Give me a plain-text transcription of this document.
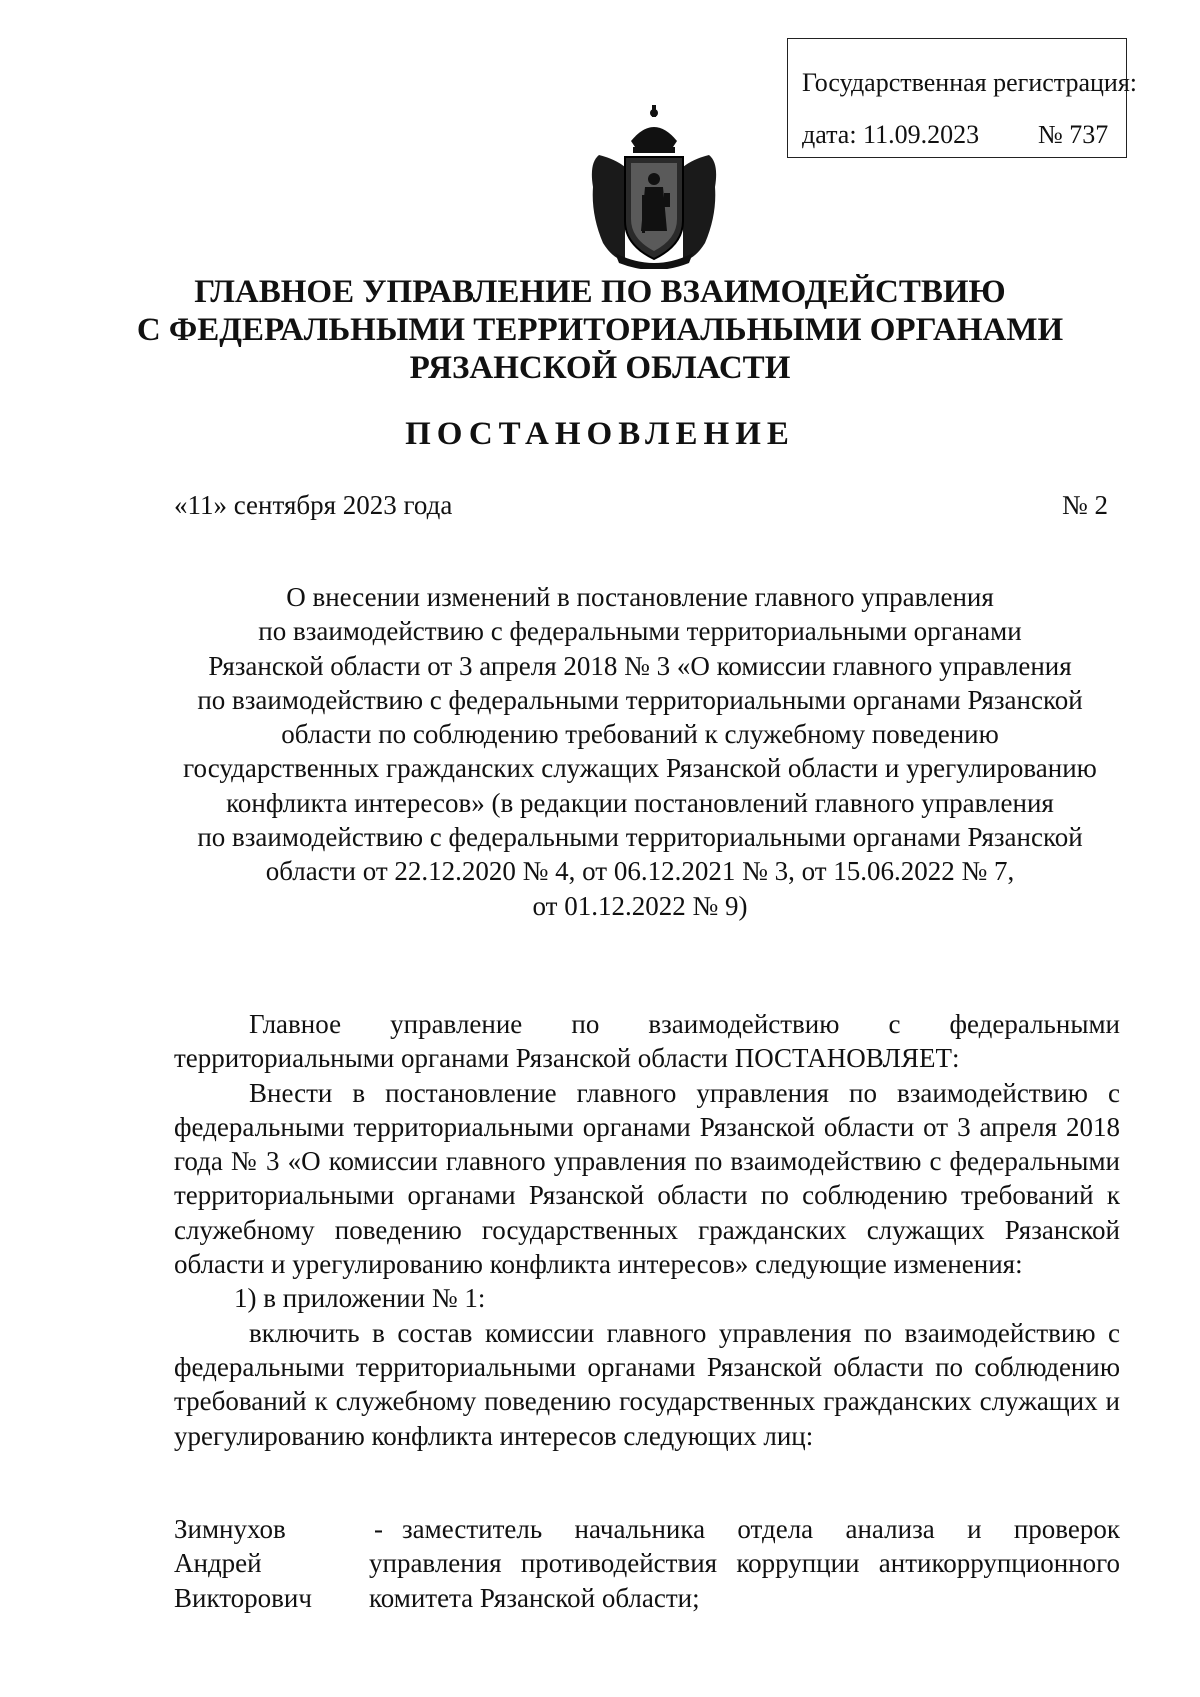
Государственная регистрация:
дата: 11.09.2023	№ 737
ГЛАВНОЕ УПРАВЛЕНИЕ ПО ВЗАИМОДЕЙСТВИЮ
С ФЕДЕРАЛЬНЫМИ ТЕРРИТОРИАЛЬНЫМИ ОРГАНАМИ
РЯЗАНСКОЙ ОБЛАСТИ
ПОСТАНОВЛЕНИЕ
«11» сентября 2023 года	№ 2
О внесении изменений в постановление главного управления
по взаимодействию с федеральными территориальными органами
Рязанской области от 3 апреля 2018 № 3 «О комиссии главного управления
по взаимодействию с федеральными территориальными органами Рязанской
области по соблюдению требований к служебному поведению
государственных гражданских служащих Рязанской области и урегулированию
конфликта интересов» (в редакции постановлений главного управления
по взаимодействию с федеральными территориальными органами Рязанской
области от 22.12.2020 № 4, от 06.12.2021 № 3, от 15.06.2022 № 7,
от 01.12.2022 № 9)

Главное управление по взаимодействию с федеральными территориальными органами Рязанской области ПОСТАНОВЛЯЕТ:

Внести в постановление главного управления по взаимодействию с федеральными территориальными органами Рязанской области от 3 апреля 2018 года № 3 «О комиссии главного управления по взаимодействию с федеральными территориальными органами Рязанской области по соблюдению требований к служебному поведению государственных гражданских служащих Рязанской области и урегулированию конфликта интересов» следующие изменения:

1) в приложении № 1:

включить в состав комиссии главного управления по взаимодействию с федеральными территориальными органами Рязанской области по соблюдению требований к служебному поведению государственных гражданских служащих и урегулированию конфликта интересов следующих лиц:

Зимнухов
Андрей
Викторович
- заместитель начальника отдела анализа и проверок управления противодействия коррупции антикоррупционного комитета Рязанской области;
